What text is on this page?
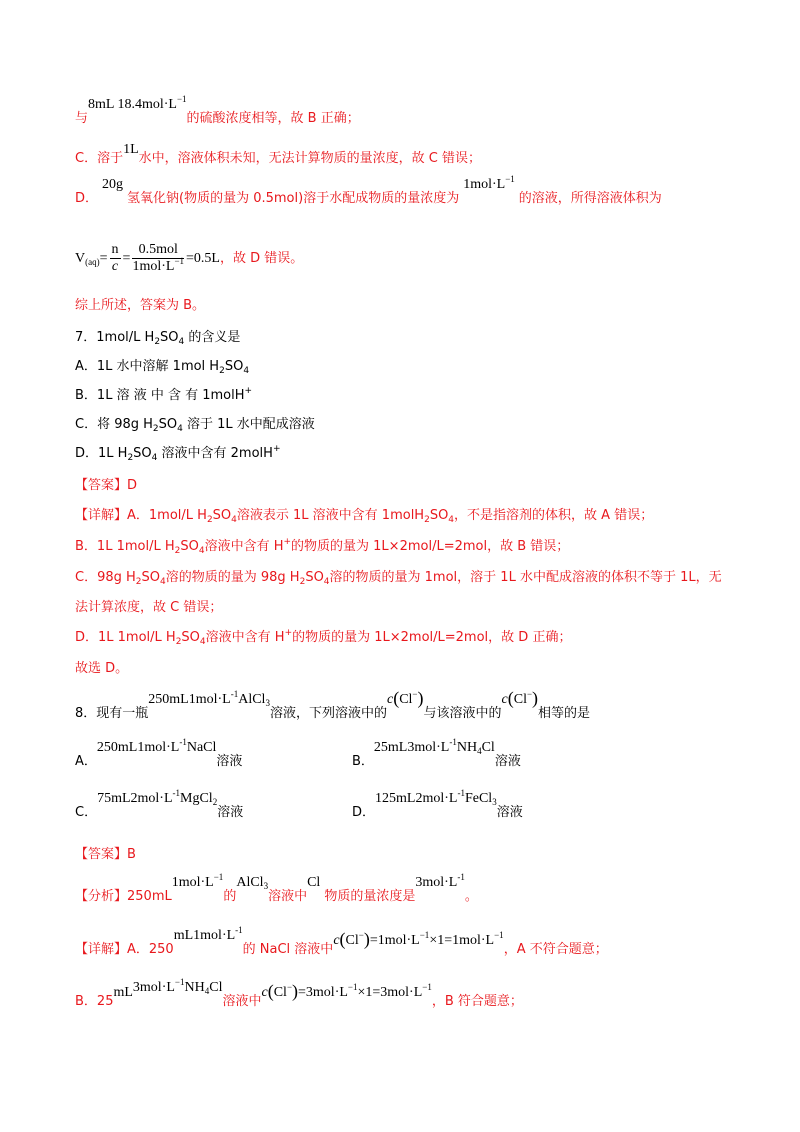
与8mL $18.4mol\cdot L^{-1}$的硫酸浓度相等，故 B 正确；
C．溶于1L水中，溶液体积未知，无法计算物质的量浓度，故 C 错误；
D．20g氢氧化钠(物质的量为 0.5mol)溶于水配成物质的量浓度为$1mol\cdot L^{-1}$的溶液，所得溶液体积为
$V_{(aq)}= \frac{n}{c} = \frac{\text{0.5mol}}{1mol\cdot L^{-1}} =0.5L$，故 D 错误。
综上所述，答案为 B。
7．1mol/L $H_2SO_4$ 的含义是
A．1L 水中溶解 1mol $H_2SO_4$
B．1L 溶 液 中 含 有 1molH+
C．将 98g $H_2SO_4$ 溶于 1L 水中配成溶液
D．1L $H_2SO_4$ 溶液中含有 2molH+
【答案】D
【详解】A．1mol/L $H_2SO_4$溶液表示 1L 溶液中含有 $1molH_2SO_4$，不是指溶剂的体积，故 A 错误；
B．1L 1mol/L $H_2SO_4$溶液中含有 H+的物质的量为 1L×2mol/L=2mol，故 B 错误；
C．98g $H_2SO_4$溶的物质的量为 98g $H_2SO_4$溶的物质的量为 1mol，溶于 1L 水中配成溶液的体积不等于 1L，无
法计算浓度，故 C 错误；
D．1L 1mol/L $H_2SO_4$溶液中含有 H+的物质的量为 1L×2mol/L=2mol，故 D 正确；
故选 D。
8．现有一瓶$250mL1mol\cdot L^{-1}AlCl_3$溶液，下列溶液中的c(Cl−)与该溶液中的c(Cl−)相等的是
A．$250mL1mol\cdot L^{-1}NaCl$溶液	B．$25mL3mol\cdot L^{-1}NH_4Cl$溶液
C．$75mL2mol\cdot L^{-1}MgCl_2$溶液	D．$125mL2mol\cdot L^{-1}FeCl_3$溶液
【答案】B
【分析】$250mL1mol\cdot L^{-1}$的AlCl$_3$溶液中Cl物质的量浓度是$3mol\cdot L^{-1}$。
【详解】A．$250mL1mol\cdot L^{-1}$的 NaCl 溶液中$c(Cl^-)=1mol\cdot L^{-1}\times 1=1mol\cdot L^{-1}$，A 不符合题意；
B．$25mL3mol\cdot L^{-1}NH_4Cl$溶液中$c(Cl^-)=3mol\cdot L^{-1}\times 1=3mol\cdot L^{-1}$，B 符合题意；
